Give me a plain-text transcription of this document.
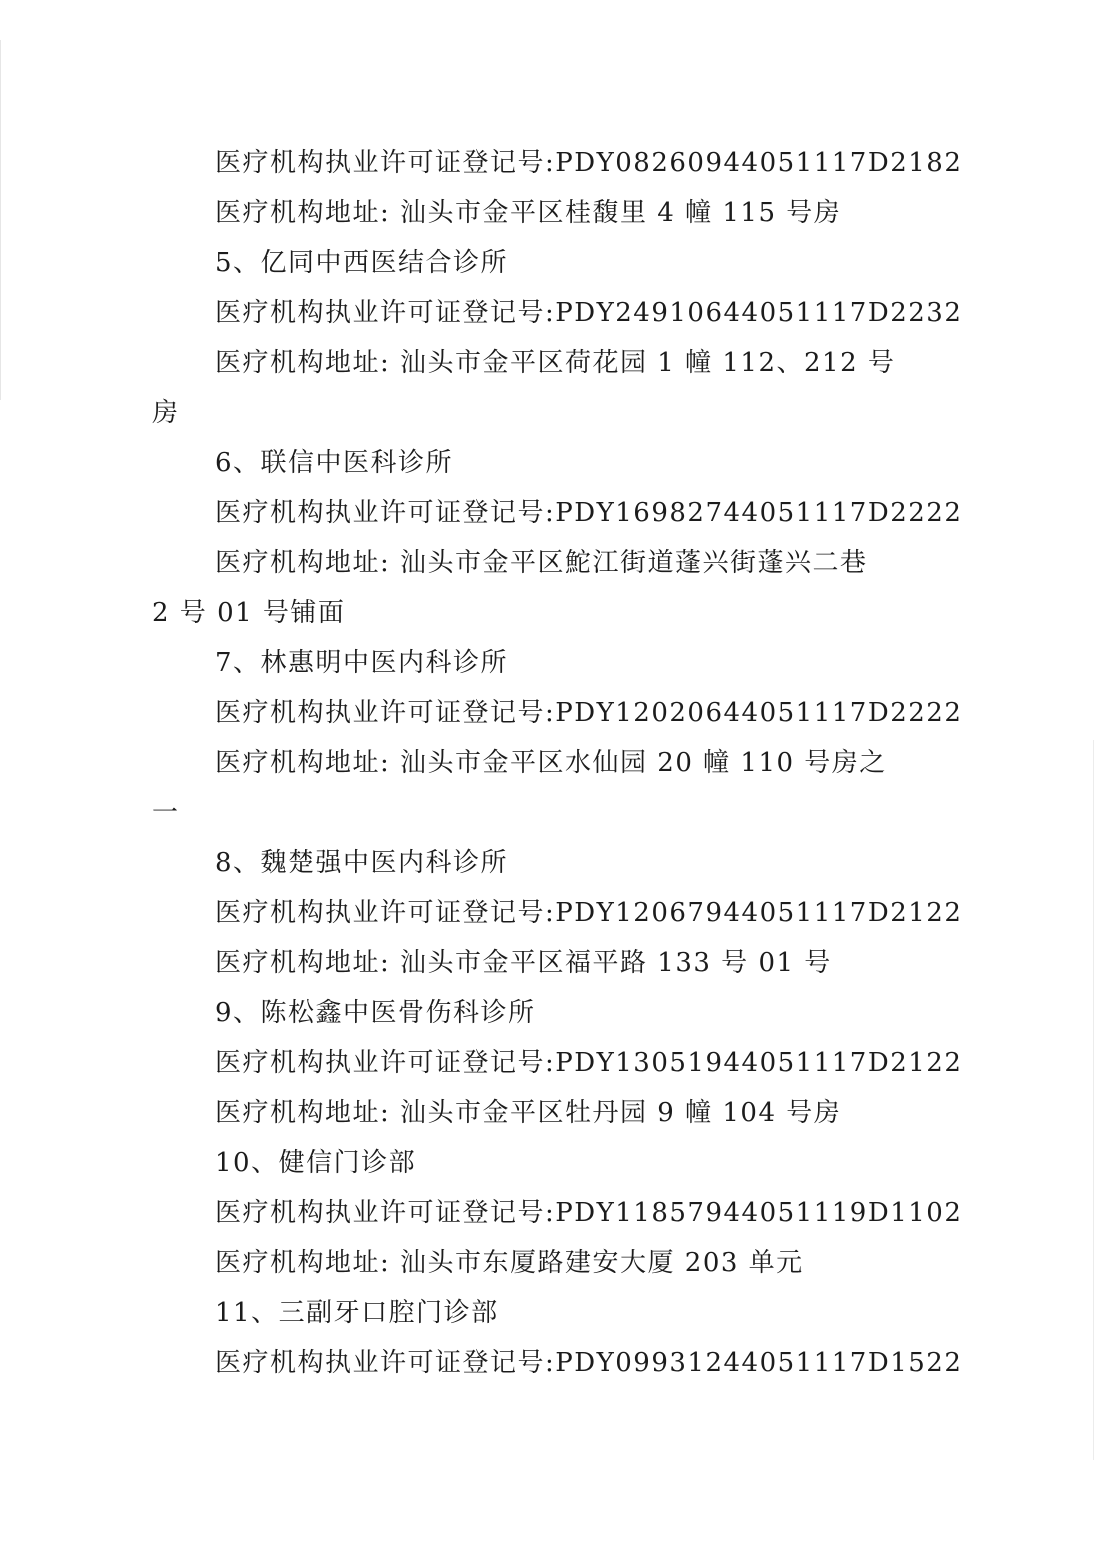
医疗机构执业许可证登记号:PDY08260944051117D2182
医疗机构地址: 汕头市金平区桂馥里 4 幢 115 号房
5、亿同中西医结合诊所
医疗机构执业许可证登记号:PDY24910644051117D2232
医疗机构地址: 汕头市金平区荷花园 1 幢 112、212 号
房
6、联信中医科诊所
医疗机构执业许可证登记号:PDY16982744051117D2222
医疗机构地址: 汕头市金平区鮀江街道蓬兴街蓬兴二巷
2 号 01 号铺面
7、林惠明中医内科诊所
医疗机构执业许可证登记号:PDY12020644051117D2222
医疗机构地址: 汕头市金平区水仙园 20 幢 110 号房之
一
8、魏楚强中医内科诊所
医疗机构执业许可证登记号:PDY12067944051117D2122
医疗机构地址: 汕头市金平区福平路 133 号 01 号
9、陈松鑫中医骨伤科诊所
医疗机构执业许可证登记号:PDY13051944051117D2122
医疗机构地址: 汕头市金平区牡丹园 9 幢 104 号房
10、健信门诊部
医疗机构执业许可证登记号:PDY11857944051119D1102
医疗机构地址: 汕头市东厦路建安大厦 203 单元
11、三副牙口腔门诊部
医疗机构执业许可证登记号:PDY09931244051117D1522
